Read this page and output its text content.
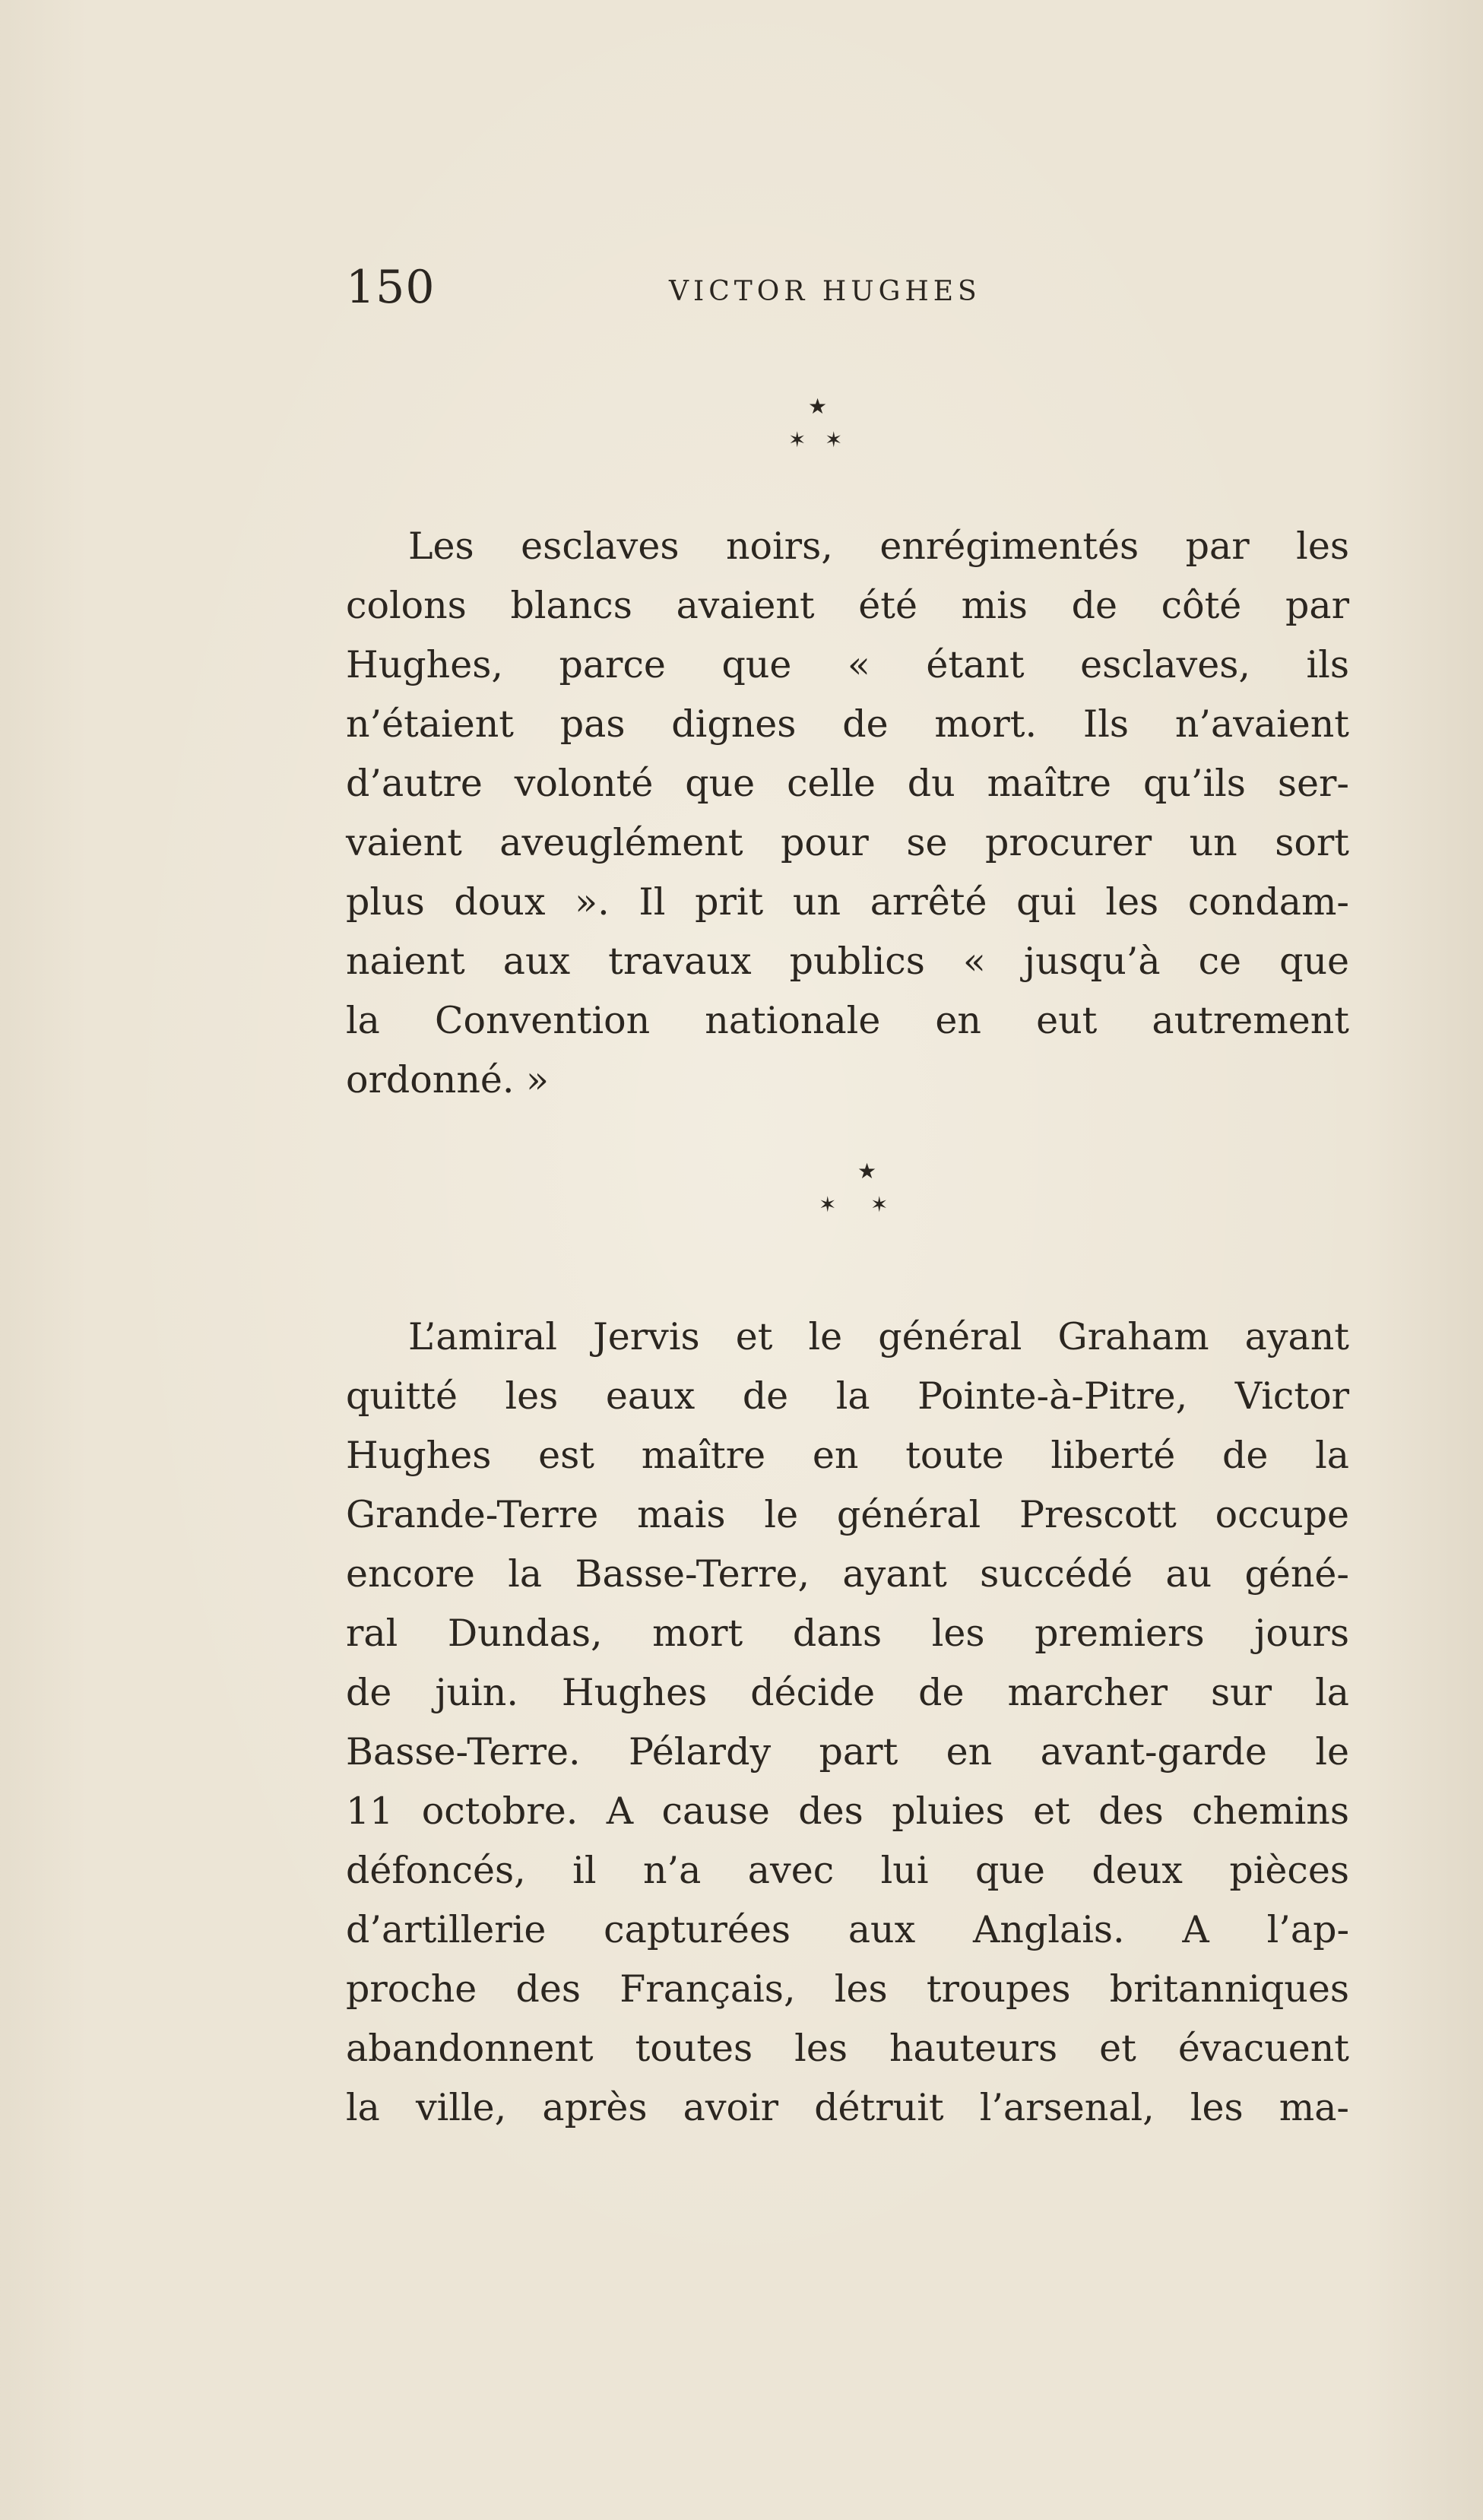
150	VICTOR HUGHES
★
✶ ✶
Les esclaves noirs, enrégimentés par les
colons blancs avaient été mis de côté par
Hughes, parce que « étant esclaves, ils
n’étaient pas dignes de mort. Ils n’avaient
d’autre volonté que celle du maître qu’ils ser-
vaient aveuglément pour se procurer un sort
plus doux ». Il prit un arrêté qui les condam-
naient aux travaux publics « jusqu’à ce que
la Convention nationale en eut autrement
ordonné. »
★
✶ ✶
L’amiral Jervis et le général Graham ayant
quitté les eaux de la Pointe-à-Pitre, Victor
Hughes est maître en toute liberté de la
Grande-Terre mais le général Prescott occupe
encore la Basse-Terre, ayant succédé au géné-
ral Dundas, mort dans les premiers jours
de juin. Hughes décide de marcher sur la
Basse-Terre. Pélardy part en avant-garde le
11 octobre. A cause des pluies et des chemins
défoncés, il n’a avec lui que deux pièces
d’artillerie capturées aux Anglais. A l’ap-
proche des Français, les troupes britanniques
abandonnent toutes les hauteurs et évacuent
la ville, après avoir détruit l’arsenal, les ma-
